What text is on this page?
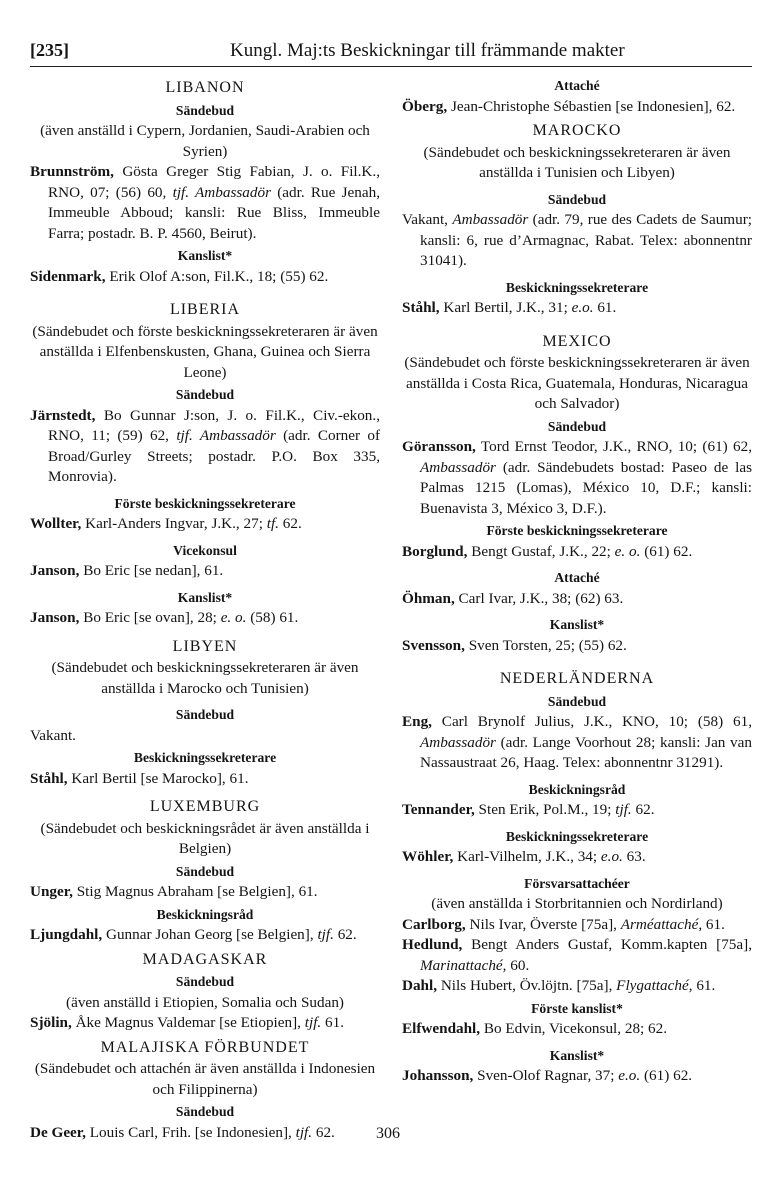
[235]	Kungl. Maj:ts Beskickningar till främmande makter
LIBANON
Sändebud
(även anställd i Cypern, Jordanien, Saudi-Arabien och Syrien)
Brunnström, Gösta Greger Stig Fabian, J. o. Fil.K., RNO, 07; (56) 60, tjf. Ambassadör (adr. Rue Jenah, Immeuble Abboud; kansli: Rue Bliss, Immeuble Farra; postadr. B. P. 4560, Beirut).
Kanslist*
Sidenmark, Erik Olof A:son, Fil.K., 18; (55) 62.
LIBERIA
(Sändebudet och förste beskickningssekreteraren är även anställda i Elfenbenskusten, Ghana, Guinea och Sierra Leone)
Sändebud
Järnstedt, Bo Gunnar J:son, J. o. Fil.K., Civ.-ekon., RNO, 11; (59) 62, tjf. Ambassadör (adr. Corner of Broad/Gurley Streets; postadr. P.O. Box 335, Monrovia).
Förste beskickningssekreterare
Wollter, Karl-Anders Ingvar, J.K., 27; tf. 62.
Vicekonsul
Janson, Bo Eric [se nedan], 61.
Kanslist*
Janson, Bo Eric [se ovan], 28; e. o. (58) 61.
LIBYEN
(Sändebudet och beskickningssekreteraren är även anställda i Marocko och Tunisien)
Sändebud
Vakant.
Beskickningssekreterare
Ståhl, Karl Bertil [se Marocko], 61.
LUXEMBURG
(Sändebudet och beskickningsrådet är även anställda i Belgien)
Sändebud
Unger, Stig Magnus Abraham [se Belgien], 61.
Beskickningsråd
Ljungdahl, Gunnar Johan Georg [se Belgien], tjf. 62.
MADAGASKAR
Sändebud
(även anställd i Etiopien, Somalia och Sudan)
Sjölin, Åke Magnus Valdemar [se Etiopien], tjf. 61.
MALAJISKA FÖRBUNDET
(Sändebudet och attachén är även anställda i Indonesien och Filippinerna)
Sändebud
De Geer, Louis Carl, Frih. [se Indonesien], tjf. 62.
Attaché
Öberg, Jean-Christophe Sébastien [se Indonesien], 62.
MAROCKO
(Sändebudet och beskickningssekreteraren är även anställda i Tunisien och Libyen)
Sändebud
Vakant, Ambassadör (adr. 79, rue des Cadets de Saumur; kansli: 6, rue d’Armagnac, Rabat. Telex: abonnentnr 31041).
Beskickningssekreterare
Ståhl, Karl Bertil, J.K., 31; e.o. 61.
MEXICO
(Sändebudet och förste beskickningssekreteraren är även anställda i Costa Rica, Guatemala, Honduras, Nicaragua och Salvador)
Sändebud
Göransson, Tord Ernst Teodor, J.K., RNO, 10; (61) 62, Ambassadör (adr. Sändebudets bostad: Paseo de las Palmas 1215 (Lomas), México 10, D.F.; kansli: Buenavista 3, México 3, D.F.).
Förste beskickningssekreterare
Borglund, Bengt Gustaf, J.K., 22; e. o. (61) 62.
Attaché
Öhman, Carl Ivar, J.K., 38; (62) 63.
Kanslist*
Svensson, Sven Torsten, 25; (55) 62.
NEDERLÄNDERNA
Sändebud
Eng, Carl Brynolf Julius, J.K., KNO, 10; (58) 61, Ambassadör (adr. Lange Voorhout 28; kansli: Jan van Nassaustraat 26, Haag. Telex: abonnentnr 31291).
Beskickningsråd
Tennander, Sten Erik, Pol.M., 19; tjf. 62.
Beskickningssekreterare
Wöhler, Karl-Vilhelm, J.K., 34; e.o. 63.
Försvarsattachéer
(även anställda i Storbritannien och Nordirland)
Carlborg, Nils Ivar, Överste [75a], Arméattaché, 61.
Hedlund, Bengt Anders Gustaf, Komm.kapten [75a], Marinattaché, 60.
Dahl, Nils Hubert, Öv.löjtn. [75a], Flygattaché, 61.
Förste kanslist*
Elfwendahl, Bo Edvin, Vicekonsul, 28; 62.
Kanslist*
Johansson, Sven-Olof Ragnar, 37; e.o. (61) 62.
306
